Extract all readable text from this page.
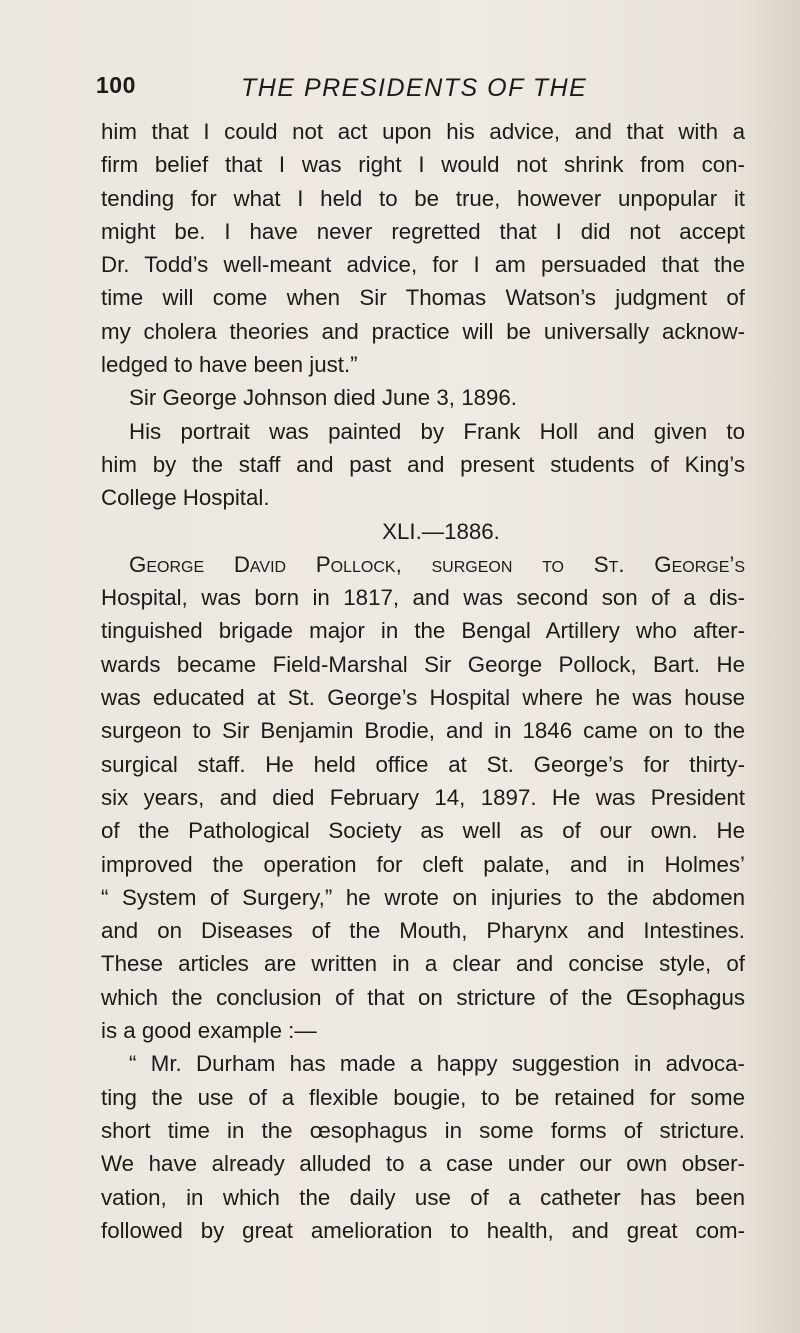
100	THE PRESIDENTS OF THE
him that I could not act upon his advice, and that with a
firm belief that I was right I would not shrink from con-
tending for what I held to be true, however unpopular it
might be. I have never regretted that I did not accept
Dr. Todd’s well-meant advice, for I am persuaded that the
time will come when Sir Thomas Watson’s judgment of
my cholera theories and practice will be universally acknow-
ledged to have been just.”
Sir George Johnson died June 3, 1896.
His portrait was painted by Frank Holl and given to
him by the staff and past and present students of King’s
College Hospital.
XLI.—1886.
George David Pollock, surgeon to St. George’s
Hospital, was born in 1817, and was second son of a dis-
tinguished brigade major in the Bengal Artillery who after-
wards became Field-Marshal Sir George Pollock, Bart. He
was educated at St. George’s Hospital where he was house
surgeon to Sir Benjamin Brodie, and in 1846 came on to the
surgical staff. He held office at St. George’s for thirty-
six years, and died February 14, 1897. He was President
of the Pathological Society as well as of our own. He
improved the operation for cleft palate, and in Holmes’
“ System of Surgery,” he wrote on injuries to the abdomen
and on Diseases of the Mouth, Pharynx and Intestines.
These articles are written in a clear and concise style, of
which the conclusion of that on stricture of the Œsophagus
is a good example :—
“ Mr. Durham has made a happy suggestion in advoca-
ting the use of a flexible bougie, to be retained for some
short time in the œsophagus in some forms of stricture.
We have already alluded to a case under our own obser-
vation, in which the daily use of a catheter has been
followed by great amelioration to health, and great com-
